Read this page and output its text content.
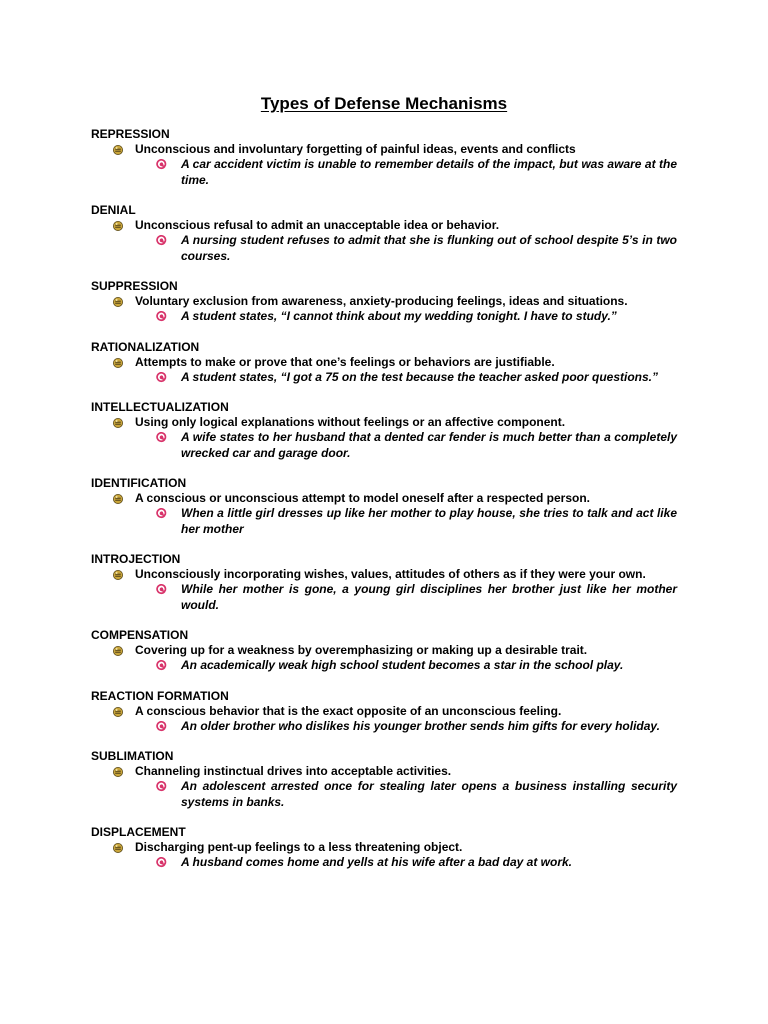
Types of Defense Mechanisms
REPRESSION
Unconscious and involuntary forgetting of painful ideas, events and conflicts
A car accident victim is unable to remember details of the impact, but was aware at the time.
DENIAL
Unconscious refusal to admit an unacceptable idea or behavior.
A nursing student refuses to admit that she is flunking out of school despite 5’s in two courses.
SUPPRESSION
Voluntary exclusion from awareness, anxiety-producing feelings, ideas and situations.
A student states, “I cannot think about my wedding tonight. I have to study.”
RATIONALIZATION
Attempts to make or prove that one’s feelings or behaviors are justifiable.
A student states, “I got a 75 on the test because the teacher asked poor questions.”
INTELLECTUALIZATION
Using only logical explanations without feelings or an affective component.
A wife states to her husband that a dented car fender is much better than a completely wrecked car and garage door.
IDENTIFICATION
A conscious or unconscious attempt to model oneself after a respected person.
When a little girl dresses up like her mother to play house, she tries to talk and act like her mother
INTROJECTION
Unconsciously incorporating wishes, values, attitudes of others as if they were your own.
While her mother is gone, a young girl disciplines her brother just like her mother would.
COMPENSATION
Covering up for a weakness by overemphasizing or making up a desirable trait.
An academically weak high school student becomes a star in the school play.
REACTION FORMATION
A conscious behavior that is the exact opposite of an unconscious feeling.
An older brother who dislikes his younger brother sends him gifts for every holiday.
SUBLIMATION
Channeling instinctual drives into acceptable activities.
An adolescent arrested once for stealing later opens a business installing security systems in banks.
DISPLACEMENT
Discharging pent-up feelings to a less threatening object.
A husband comes home and yells at his wife after a bad day at work.
